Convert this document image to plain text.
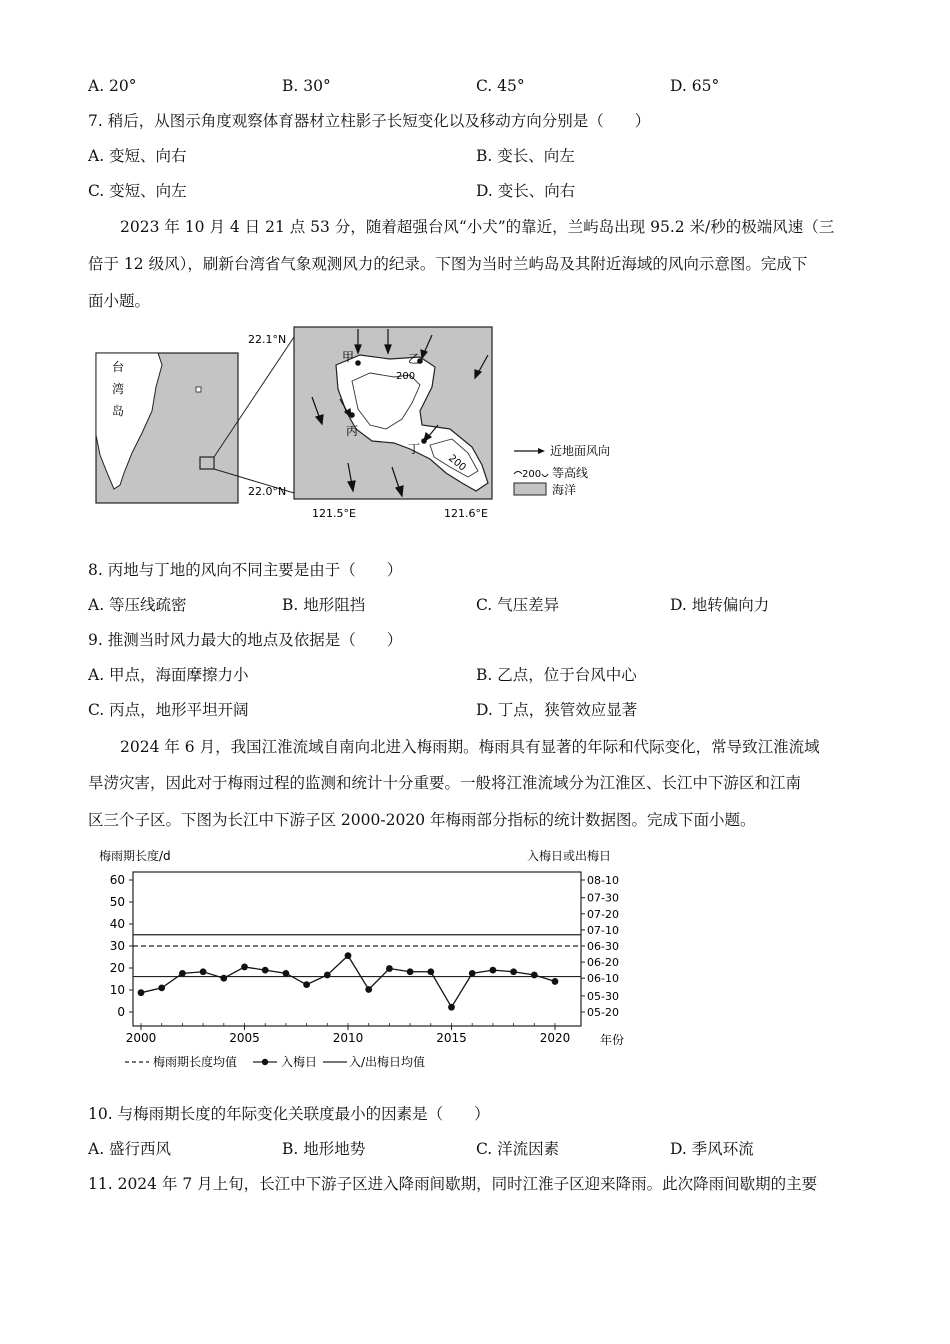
A. 20°	B. 30°	C. 45°	D. 65°
7. 稍后，从图示角度观察体育器材立柱影子长短变化以及移动方向分别是（　　）
A. 变短、向右	B. 变长、向左
C. 变短、向左	D. 变长、向右
2023 年 10 月 4 日 21 点 53 分，随着超强台风“小犬”的靠近，兰屿岛出现 95.2 米/秒的极端风速（三
倍于 12 级风），刷新台湾省气象观测风力的纪录。下图为当时兰屿岛及其附近海域的风向示意图。完成下
面小题。
台
湾
岛
200
200
甲	乙
丙
丁
22.1°N
22.0°N
121.5°E	121.6°E
近地面风向
200 等高线
海洋
8. 丙地与丁地的风向不同主要是由于（　　）
A. 等压线疏密	B. 地形阻挡	C. 气压差异	D. 地转偏向力
9. 推测当时风力最大的地点及依据是（　　）
A. 甲点，海面摩擦力小	B. 乙点，位于台风中心
C. 丙点，地形平坦开阔	D. 丁点，狭管效应显著
2024 年 6 月，我国江淮流域自南向北进入梅雨期。梅雨具有显著的年际和代际变化，常导致江淮流域
旱涝灾害，因此对于梅雨过程的监测和统计十分重要。一般将江淮流域分为江淮区、长江中下游区和江南
区三个子区。下图为长江中下游子区 2000-2020 年梅雨部分指标的统计数据图。完成下面小题。
梅雨期长度/d	入梅日或出梅日
0
10
20
30
40
50
60
05-20
05-30
06-10
06-20
06-30
07-10
07-20
07-30
08-10
2000	2005	2010	2015	2020 年份
梅雨期长度均值	入梅日	入/出梅日均值
10. 与梅雨期长度的年际变化关联度最小的因素是（　　）
A. 盛行西风	B. 地形地势	C. 洋流因素	D. 季风环流
11. 2024 年 7 月上旬，长江中下游子区进入降雨间歇期，同时江淮子区迎来降雨。此次降雨间歇期的主要
